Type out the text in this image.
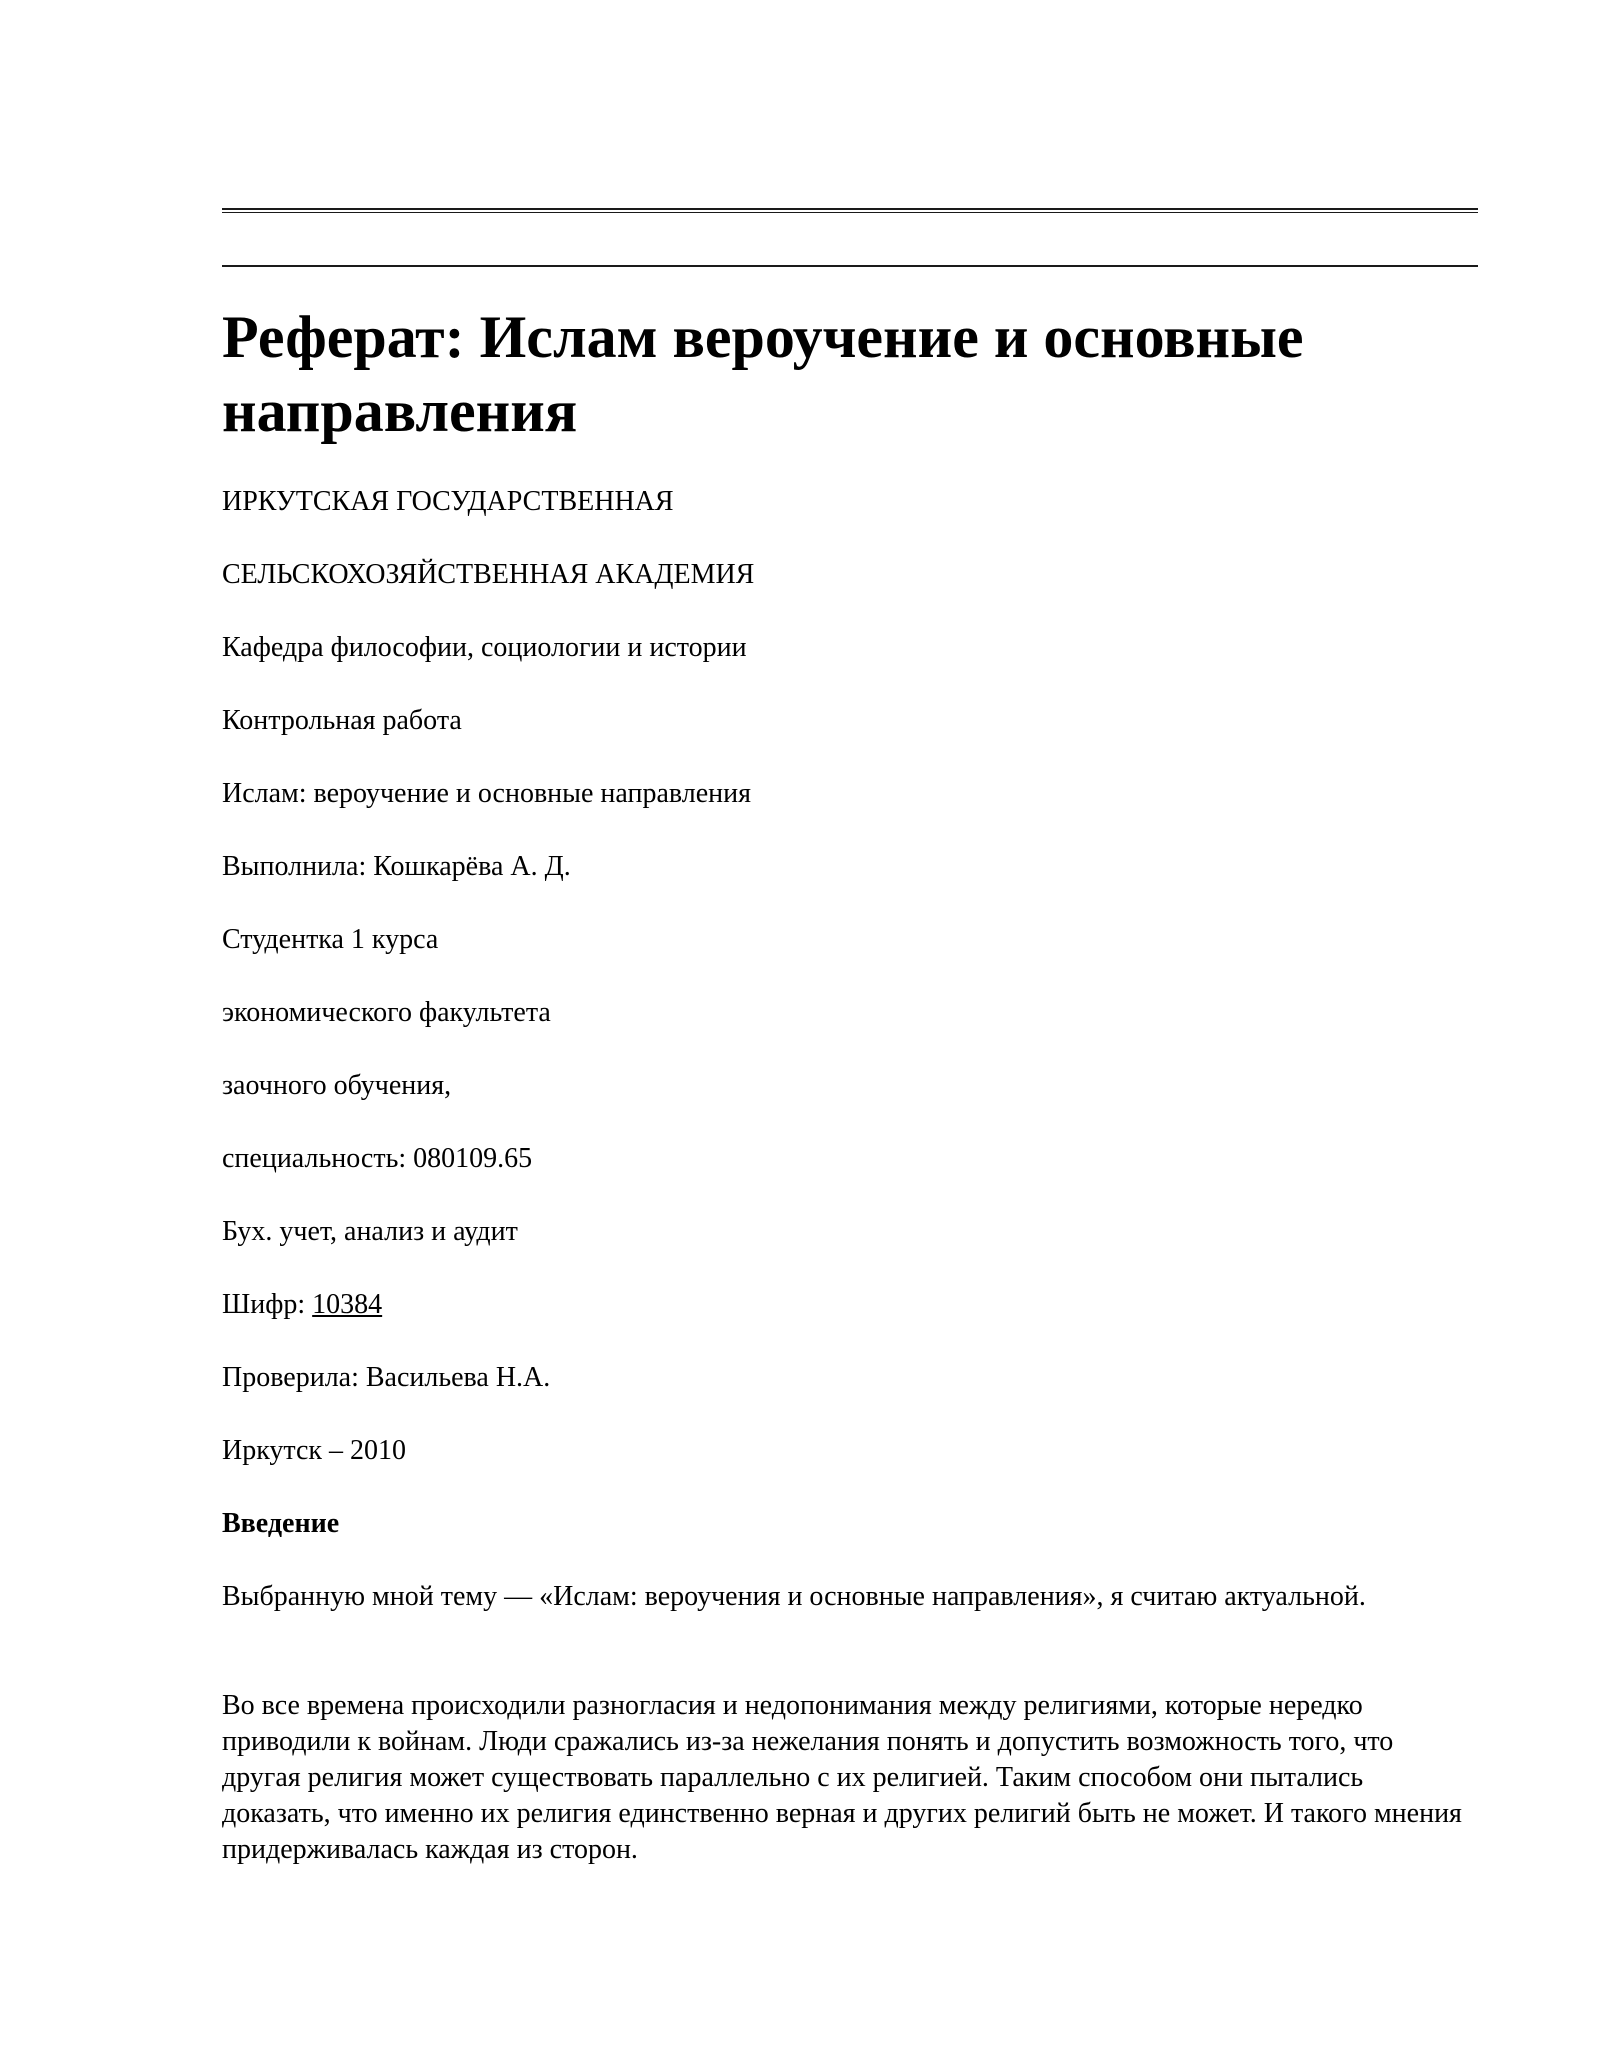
Реферат: Ислам вероучение и основные направления

ИРКУТСКАЯ ГОСУДАРСТВЕННАЯ

СЕЛЬСКОХОЗЯЙСТВЕННАЯ АКАДЕМИЯ

Кафедра философии, социологии и истории

Контрольная работа

Ислам: вероучение и основные направления

Выполнила: Кошкарёва А. Д.

Студентка 1 курса

экономического факультета

заочного обучения,

специальность: 080109.65

Бух. учет, анализ и аудит

Шифр: 10384

Проверила: Васильева Н.А.

Иркутск – 2010

Введение

Выбранную мной тему — «Ислам: вероучения и основные направления», я считаю актуальной.

Во все времена происходили разногласия и недопонимания между религиями, которые нередко приводили к войнам. Люди сражались из-за нежелания понять и допустить возможность того, что другая религия может существовать параллельно с их религией. Таким способом они пытались доказать, что именно их религия единственно верная и других религий быть не может. И такого мнения придерживалась каждая из сторон.
